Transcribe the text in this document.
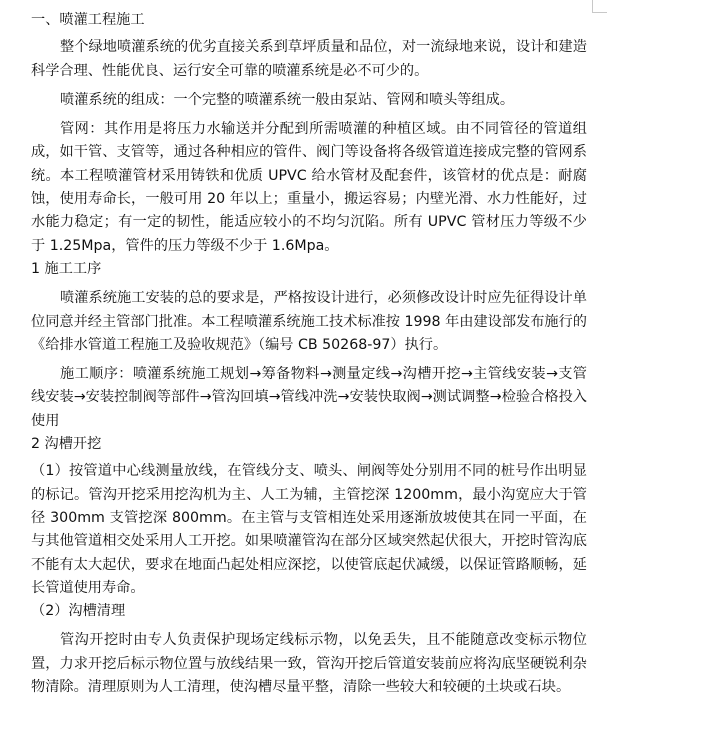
一、喷灌工程施工

整个绿地喷灌系统的优劣直接关系到草坪质量和品位，对一流绿地来说，设计和建造科学合理、性能优良、运行安全可靠的喷灌系统是必不可少的。

喷灌系统的组成：一个完整的喷灌系统一般由泵站、管网和喷头等组成。

管网：其作用是将压力水输送并分配到所需喷灌的种植区域。由不同管径的管道组成，如干管、支管等，通过各种相应的管件、阀门等设备将各级管道连接成完整的管网系统。本工程喷灌管材采用铸铁和优质 UPVC 给水管材及配套件，该管材的优点是：耐腐蚀，使用寿命长，一般可用 20 年以上；重量小，搬运容易；内壁光滑、水力性能好，过水能力稳定；有一定的韧性，能适应较小的不均匀沉陷。所有 UPVC 管材压力等级不少于 1.25Mpa，管件的压力等级不少于 1.6Mpa。

1 施工工序

喷灌系统施工安装的总的要求是，严格按设计进行，必须修改设计时应先征得设计单位同意并经主管部门批准。本工程喷灌系统施工技术标准按 1998 年由建设部发布施行的《给排水管道工程施工及验收规范》（编号 CB 50268-97）执行。

施工顺序：喷灌系统施工规划→筹备物料→测量定线→沟槽开挖→主管线安装→支管线安装→安装控制阀等部件→管沟回填→管线冲洗→安装快取阀→测试调整→检验合格投入使用

2 沟槽开挖

（1）按管道中心线测量放线，在管线分支、喷头、闸阀等处分别用不同的桩号作出明显的标记。管沟开挖采用挖沟机为主、人工为辅，主管挖深 1200mm，最小沟宽应大于管径 300mm 支管挖深 800mm。在主管与支管相连处采用逐渐放坡使其在同一平面，在与其他管道相交处采用人工开挖。如果喷灌管沟在部分区域突然起伏很大，开挖时管沟底不能有太大起伏，要求在地面凸起处相应深挖，以使管底起伏减缓，以保证管路顺畅，延长管道使用寿命。

（2）沟槽清理

管沟开挖时由专人负责保护现场定线标示物，以免丢失，且不能随意改变标示物位置，力求开挖后标示物位置与放线结果一致，管沟开挖后管道安装前应将沟底坚硬锐利杂物清除。清理原则为人工清理，使沟槽尽量平整，清除一些较大和较硬的土块或石块。
